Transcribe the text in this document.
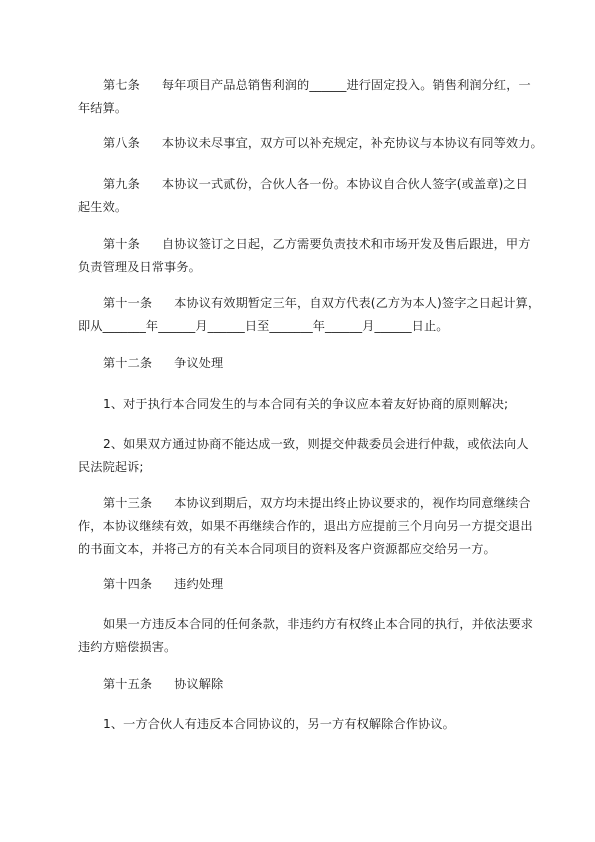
第七条 每年项目产品总销售利润的______进行固定投入。销售利润分红，一
年结算。
第八条 本协议未尽事宜，双方可以补充规定，补充协议与本协议有同等效力。
第九条 本协议一式贰份，合伙人各一份。本协议自合伙人签字(或盖章)之日
起生效。
第十条 自协议签订之日起，乙方需要负责技术和市场开发及售后跟进，甲方
负责管理及日常事务。
第十一条 本协议有效期暂定三年，自双方代表(乙方为本人)签字之日起计算，
即从_______年______月______日至_______年______月______日止。
第十二条 争议处理
1、对于执行本合同发生的与本合同有关的争议应本着友好协商的原则解决;
2、如果双方通过协商不能达成一致，则提交仲裁委员会进行仲裁，或依法向人
民法院起诉;
第十三条 本协议到期后，双方均未提出终止协议要求的，视作均同意继续合
作，本协议继续有效，如果不再继续合作的，退出方应提前三个月向另一方提交退出
的书面文本，并将己方的有关本合同项目的资料及客户资源都应交给另一方。
第十四条 违约处理
如果一方违反本合同的任何条款，非违约方有权终止本合同的执行，并依法要求
违约方赔偿损害。
第十五条 协议解除
1、一方合伙人有违反本合同协议的，另一方有权解除合作协议。
